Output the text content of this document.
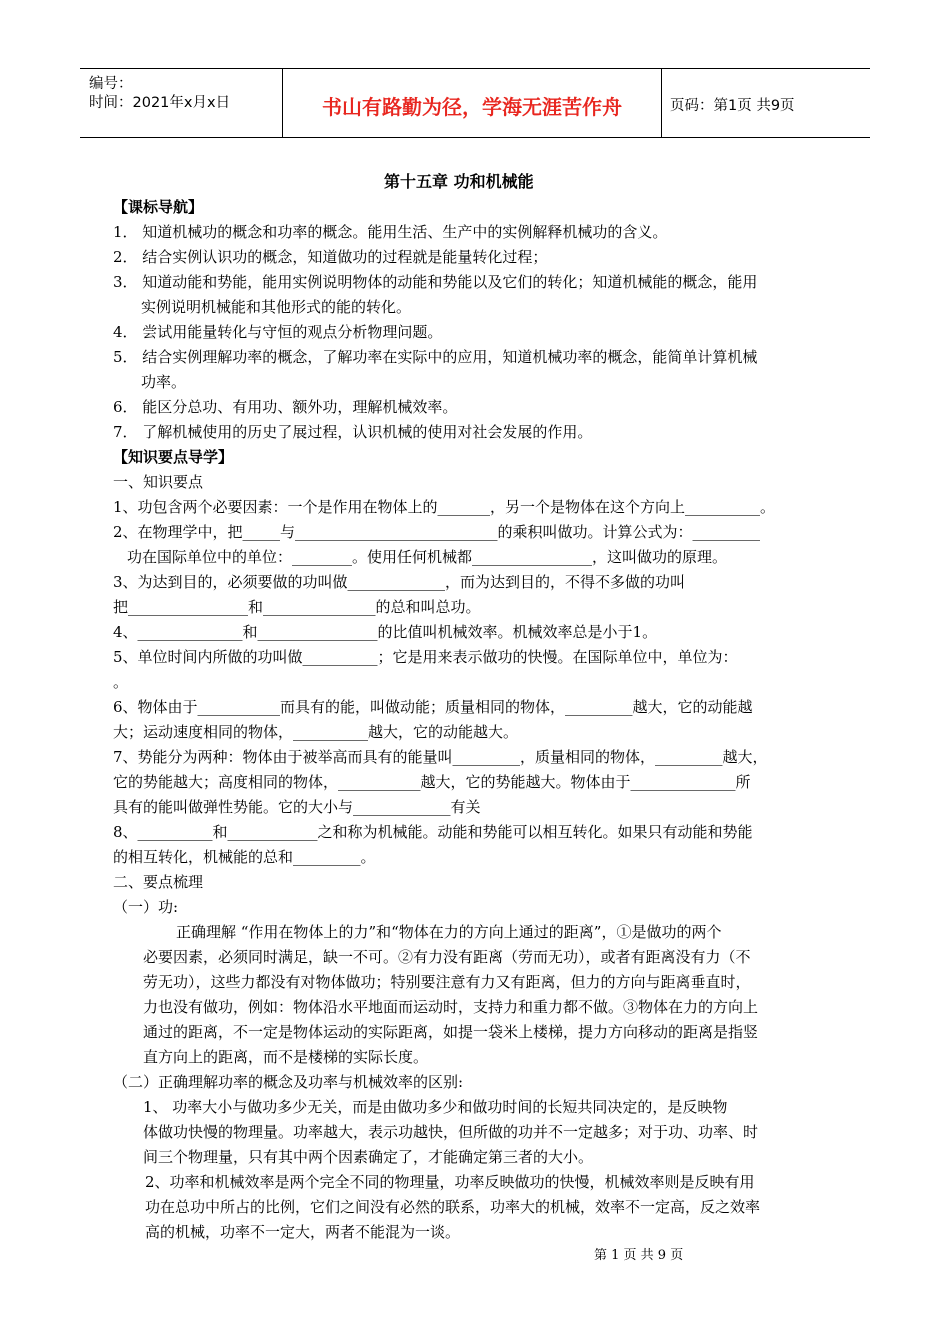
编号：
时间：2021年x月x日	书山有路勤为径，学海无涯苦作舟	页码：第1页 共9页
第十五章 功和机械能
【课标导航】
1． 知道机械功的概念和功率的概念。能用生活、生产中的实例解释机械功的含义。
2． 结合实例认识功的概念，知道做功的过程就是能量转化过程；
3． 知道动能和势能，能用实例说明物体的动能和势能以及它们的转化；知道机械能的概念，能用
实例说明机械能和其他形式的能的转化。
4． 尝试用能量转化与守恒的观点分析物理问题。
5． 结合实例理解功率的概念，了解功率在实际中的应用，知道机械功率的概念，能简单计算机械
功率。
6． 能区分总功、有用功、额外功，理解机械效率。
7． 了解机械使用的历史了展过程，认识机械的使用对社会发展的作用。
【知识要点导学】
一、知识要点
1、功包含两个必要因素：一个是作用在物体上的_______，另一个是物体在这个方向上__________。
2、在物理学中，把_____与___________________________的乘积叫做功。计算公式为：_________
功在国际单位中的单位：________。使用任何机械都________________，这叫做功的原理。
3、为达到目的，必须要做的功叫做_____________，而为达到目的，不得不多做的功叫
把________________和_______________的总和叫总功。
4、______________和________________的比值叫机械效率。机械效率总是小于1。
5、单位时间内所做的功叫做__________；它是用来表示做功的快慢。在国际单位中，单位为：
。
6、物体由于___________而具有的能，叫做动能；质量相同的物体，_________越大，它的动能越
大；运动速度相同的物体，__________越大，它的动能越大。
7、势能分为两种：物体由于被举高而具有的能量叫_________，质量相同的物体，_________越大，
它的势能越大；高度相同的物体，___________越大，它的势能越大。物体由于______________所
具有的能叫做弹性势能。它的大小与_____________有关
8、__________和____________之和称为机械能。动能和势能可以相互转化。如果只有动能和势能
的相互转化，机械能的总和_________。
二、要点梳理
（一）功:
正确理解 “作用在物体上的力”和“物体在力的方向上通过的距离”，①是做功的两个
必要因素，必须同时满足，缺一不可。②有力没有距离（劳而无功），或者有距离没有力（不
劳无功），这些力都没有对物体做功；特别要注意有力又有距离，但力的方向与距离垂直时，
力也没有做功，例如：物体沿水平地面而运动时，支持力和重力都不做。③物体在力的方向上
通过的距离，不一定是物体运动的实际距离，如提一袋米上楼梯，提力方向移动的距离是指竖
直方向上的距离，而不是楼梯的实际长度。
（二）正确理解功率的概念及功率与机械效率的区别:
1、 功率大小与做功多少无关，而是由做功多少和做功时间的长短共同决定的，是反映物
体做功快慢的物理量。功率越大，表示功越快，但所做的功并不一定越多；对于功、功率、时
间三个物理量，只有其中两个因素确定了，才能确定第三者的大小。
2、功率和机械效率是两个完全不同的物理量，功率反映做功的快慢，机械效率则是反映有用
功在总功中所占的比例，它们之间没有必然的联系，功率大的机械，效率不一定高，反之效率
高的机械，功率不一定大，两者不能混为一谈。
第 1 页 共 9 页
